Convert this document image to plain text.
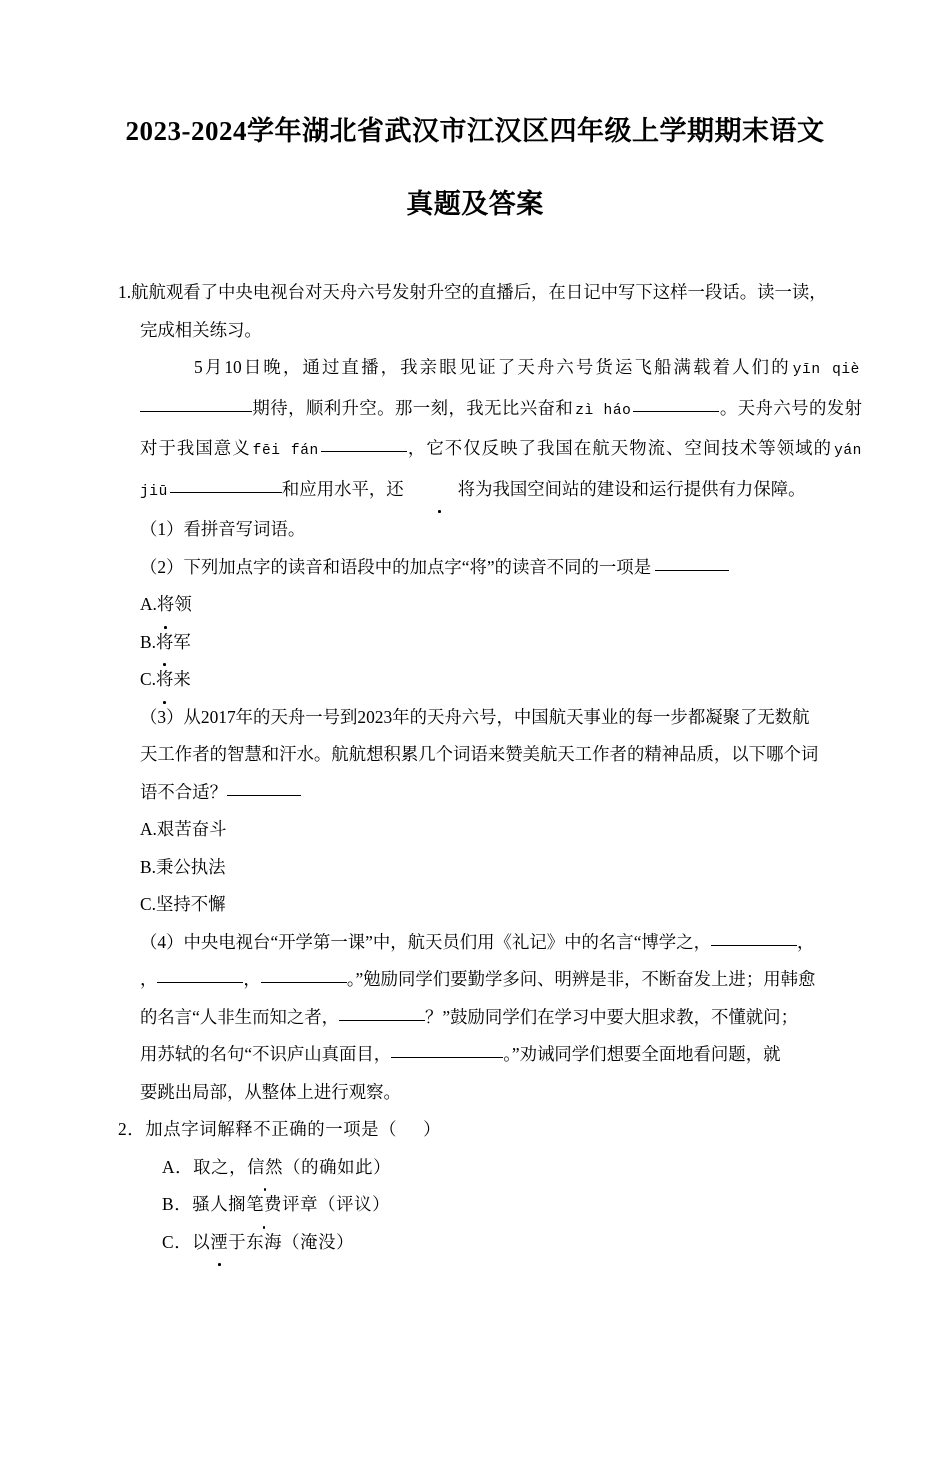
2023-2024学年湖北省武汉市江汉区四年级上学期期末语文
真题及答案
1.航航观看了中央电视台对天舟六号发射升空的直播后，在日记中写下这样一段话。读一读，
完成相关练习。
5月10日晚，通过直播，我亲眼见证了天舟六号货运飞船满载着人们的 yīn qiè期待，顺利升空。那一刻，我无比兴奋和 zì háo	。天舟六号的发射对于我国意义 fēi fán	，它不仅反映了我国在航天物流、空间技术等领域的 yán jiū	和应用水平，还	将为我国空间站的建设和运行提供有力保障。
（1）看拼音写词语。
（2）下列加点字的读音和语段中的加点字“将”的读音不同的一项是
A.将领
B.将军
C.将来
（3）从2017年的天舟一号到2023年的天舟六号，中国航天事业的每一步都凝聚了无数航
天工作者的智慧和汗水。航航想积累几个词语来赞美航天工作者的精神品质，以下哪个词
语不合适？
A.艰苦奋斗
B.秉公执法
C.坚持不懈
（4）中央电视台“开学第一课”中，航天员们用《礼记》中的名言“博学之，	，
，	，	。”勉励同学们要勤学多问、明辨是非，不断奋发上进；用韩愈
的名言“人非生而知之者，	？”鼓励同学们在学习中要大胆求教，不懂就问；
用苏轼的名句“不识庐山真面目，	。”劝诫同学们想要全面地看问题，就
要跳出局部，从整体上进行观察。
2．加点字词解释不正确的一项是（ ）
A．取之，信然（的确如此）
B．骚人搁笔费评章（评议）
C．以湮于东海（淹没）
